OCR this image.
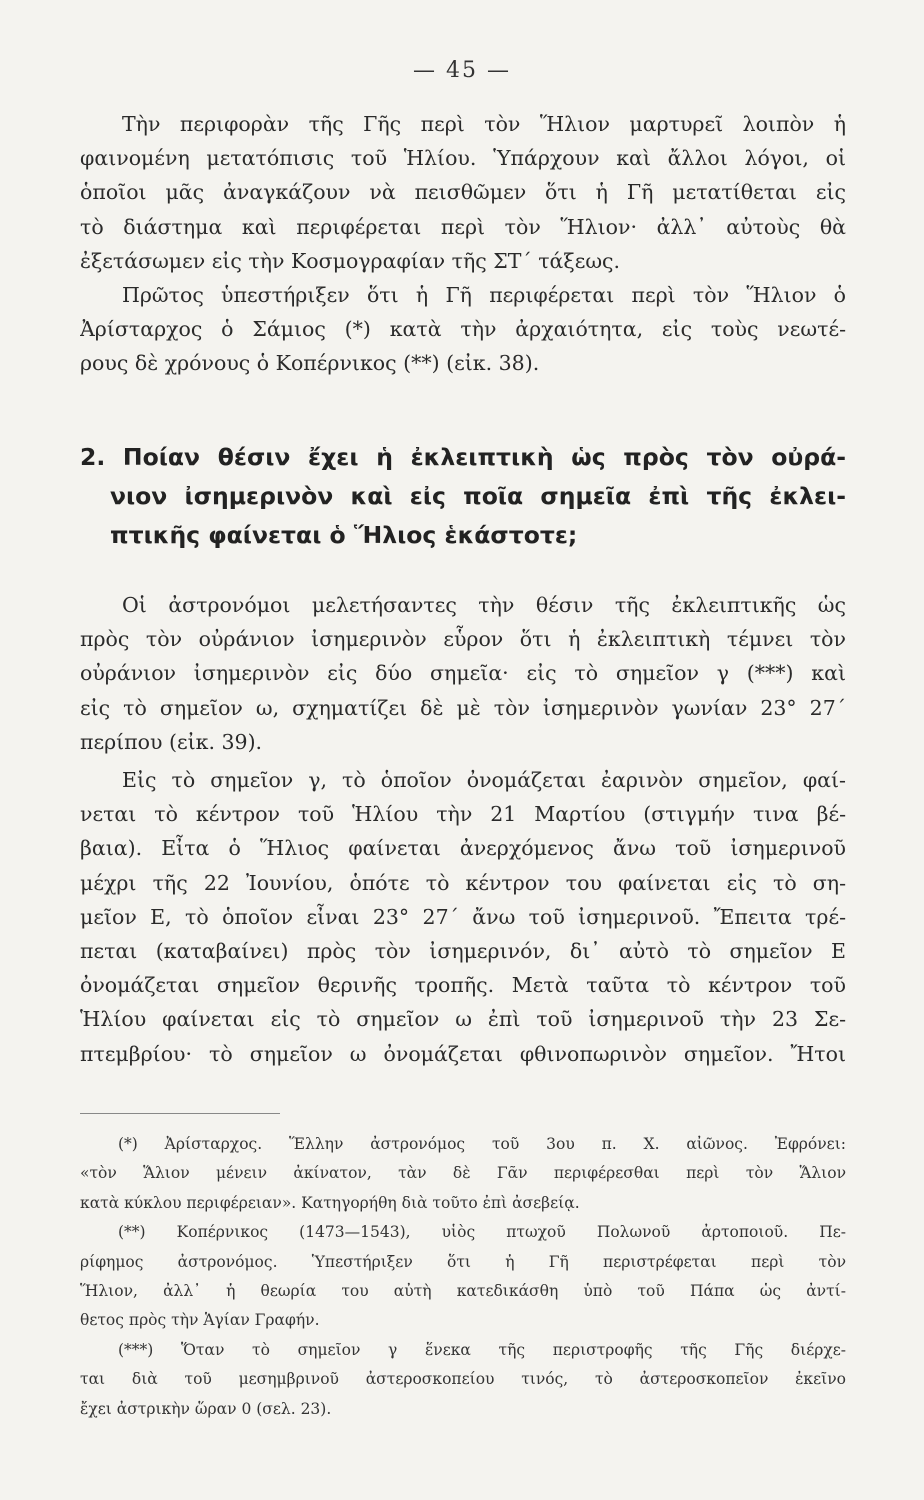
— 45 —
Τὴν περιφορὰν τῆς Γῆς περὶ τὸν Ἥλιον μαρτυρεῖ λοιπὸν ἡ
φαινομένη μετατόπισις τοῦ Ἡλίου. Ὑπάρχουν καὶ ἄλλοι λόγοι, οἱ
ὁποῖοι μᾶς ἀναγκάζουν νὰ πεισθῶμεν ὅτι ἡ Γῆ μετατίθεται εἰς
τὸ διάστημα καὶ περιφέρεται περὶ τὸν Ἥλιον· ἀλλ᾽ αὐτοὺς θὰ
ἐξετάσωμεν εἰς τὴν Κοσμογραφίαν τῆς ΣΤ΄ τάξεως.
Πρῶτος ὑπεστήριξεν ὅτι ἡ Γῆ περιφέρεται περὶ τὸν Ἥλιον ὁ
Ἀρίσταρχος ὁ Σάμιος (*) κατὰ τὴν ἀρχαιότητα, εἰς τοὺς νεωτέ-
ρους δὲ χρόνους ὁ Κοπέρνικος (**) (εἰκ. 38).
2. Ποίαν θέσιν ἔχει ἡ ἐκλειπτικὴ ὡς πρὸς τὸν οὐρά-
νιον ἰσημερινὸν καὶ εἰς ποῖα σημεῖα ἐπὶ τῆς ἐκλει-
πτικῆς φαίνεται ὁ Ἥλιος ἑκάστοτε;
Οἱ ἀστρονόμοι μελετήσαντες τὴν θέσιν τῆς ἐκλειπτικῆς ὡς
πρὸς τὸν οὐράνιον ἰσημερινὸν εὗρον ὅτι ἡ ἐκλειπτικὴ τέμνει τὸν
οὐράνιον ἰσημερινὸν εἰς δύο σημεῖα· εἰς τὸ σημεῖον γ (***) καὶ
εἰς τὸ σημεῖον ω, σχηματίζει δὲ μὲ τὸν ἰσημερινὸν γωνίαν 23° 27΄
περίπου (εἰκ. 39).
Εἰς τὸ σημεῖον γ, τὸ ὁποῖον ὀνομάζεται ἐαρινὸν σημεῖον, φαί-
νεται τὸ κέντρον τοῦ Ἡλίου τὴν 21 Μαρτίου (στιγμήν τινα βέ-
βαια). Εἶτα ὁ Ἥλιος φαίνεται ἀνερχόμενος ἄνω τοῦ ἰσημερινοῦ
μέχρι τῆς 22 Ἰουνίου, ὁπότε τὸ κέντρον του φαίνεται εἰς τὸ ση-
μεῖον Ε, τὸ ὁποῖον εἶναι 23° 27΄ ἄνω τοῦ ἰσημερινοῦ. Ἔπειτα τρέ-
πεται (καταβαίνει) πρὸς τὸν ἰσημερινόν, δι᾽ αὐτὸ τὸ σημεῖον Ε
ὀνομάζεται σημεῖον θερινῆς τροπῆς. Μετὰ ταῦτα τὸ κέντρον τοῦ
Ἡλίου φαίνεται εἰς τὸ σημεῖον ω ἐπὶ τοῦ ἰσημερινοῦ τὴν 23 Σε-
πτεμβρίου· τὸ σημεῖον ω ὀνομάζεται φθινοπωρινὸν σημεῖον. Ἤτοι
(*) Ἀρίσταρχος. Ἕλλην ἀστρονόμος τοῦ 3ου π. Χ. αἰῶνος. Ἐφρόνει:
«τὸν Ἅλιον μένειν ἀκίνατον, τὰν δὲ Γᾶν περιφέρεσθαι περὶ τὸν Ἅλιον
κατὰ κύκλου περιφέρειαν». Κατηγορήθη διὰ τοῦτο ἐπὶ ἀσεβείᾳ.
(**) Κοπέρνικος (1473—1543), υἱὸς πτωχοῦ Πολωνοῦ ἀρτοποιοῦ. Πε-
ρίφημος ἀστρονόμος. Ὑπεστήριξεν ὅτι ἡ Γῆ περιστρέφεται περὶ τὸν
Ἥλιον, ἀλλ᾽ ἡ θεωρία του αὐτὴ κατεδικάσθη ὑπὸ τοῦ Πάπα ὡς ἀντί-
θετος πρὸς τὴν Ἁγίαν Γραφήν.
(***) Ὅταν τὸ σημεῖον γ ἕνεκα τῆς περιστροφῆς τῆς Γῆς διέρχε-
ται διὰ τοῦ μεσημβρινοῦ ἀστεροσκοπείου τινός, τὸ ἀστεροσκοπεῖον ἐκεῖνο
ἔχει ἀστρικὴν ὥραν 0 (σελ. 23).
